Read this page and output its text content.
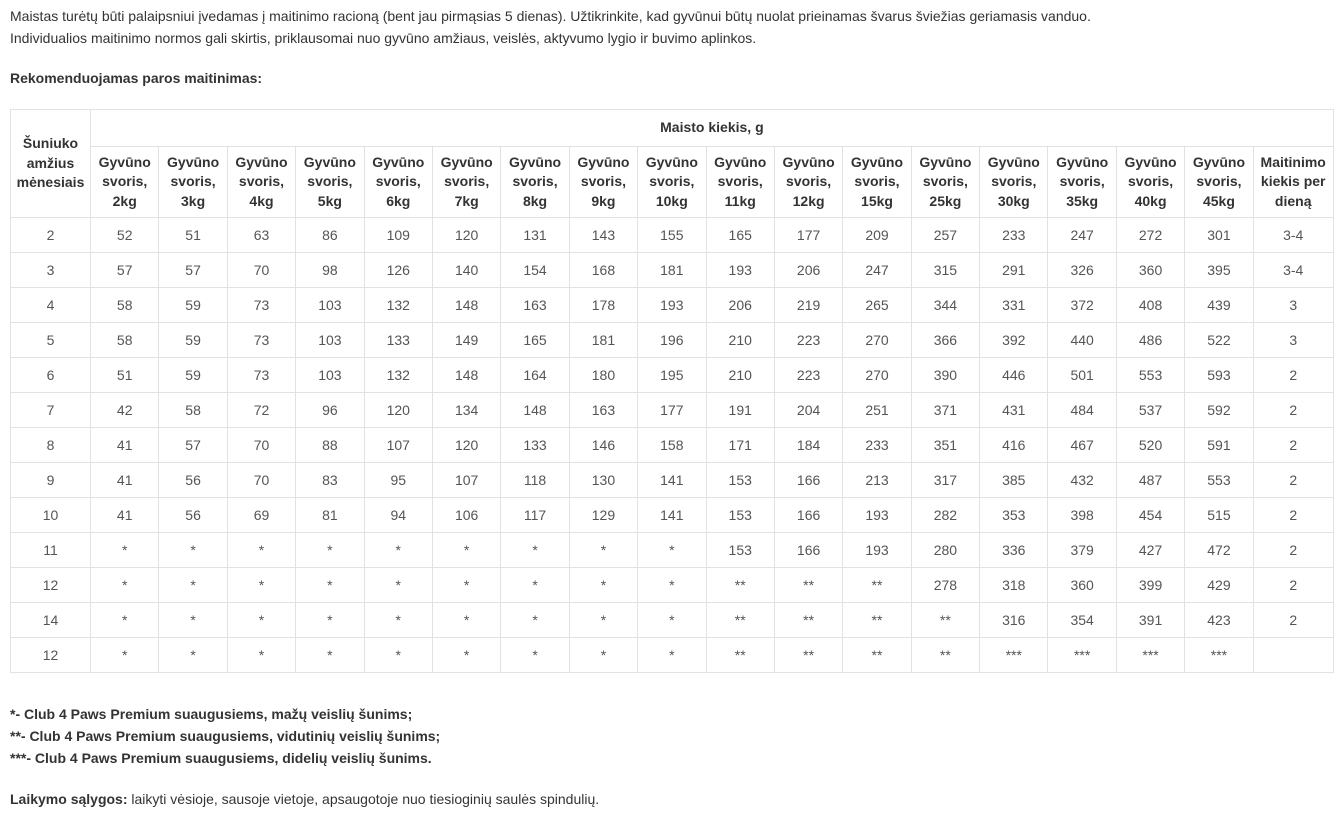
Maistas turėtų būti palaipsniui įvedamas į maitinimo racioną (bent jau pirmąsias 5 dienas). Užtikrinkite, kad gyvūnui būtų nuolat prieinamas švarus šviežias geriamasis vanduo.

Individualios maitinimo normos gali skirtis, priklausomai nuo gyvūno amžiaus, veislės, aktyvumo lygio ir buvimo aplinkos.

Rekomenduojamas paros maitinimas:

Šuniuko amžius mėnesiais	Maisto kiekis, g																	
	Gyvūno svoris, 2kg	Gyvūno svoris, 3kg	Gyvūno svoris, 4kg	Gyvūno svoris, 5kg	Gyvūno svoris, 6kg	Gyvūno svoris, 7kg	Gyvūno svoris, 8kg	Gyvūno svoris, 9kg	Gyvūno svoris, 10kg	Gyvūno svoris, 11kg	Gyvūno svoris, 12kg	Gyvūno svoris, 15kg	Gyvūno svoris, 25kg	Gyvūno svoris, 30kg	Gyvūno svoris, 35kg	Gyvūno svoris, 40kg	Gyvūno svoris, 45kg	Maitinimo kiekis per dieną
2	52	51	63	86	109	120	131	143	155	165	177	209	257	233	247	272	301	3-4
3	57	57	70	98	126	140	154	168	181	193	206	247	315	291	326	360	395	3-4
4	58	59	73	103	132	148	163	178	193	206	219	265	344	331	372	408	439	3
5	58	59	73	103	133	149	165	181	196	210	223	270	366	392	440	486	522	3
6	51	59	73	103	132	148	164	180	195	210	223	270	390	446	501	553	593	2
7	42	58	72	96	120	134	148	163	177	191	204	251	371	431	484	537	592	2
8	41	57	70	88	107	120	133	146	158	171	184	233	351	416	467	520	591	2
9	41	56	70	83	95	107	118	130	141	153	166	213	317	385	432	487	553	2
10	41	56	69	81	94	106	117	129	141	153	166	193	282	353	398	454	515	2
11	*	*	*	*	*	*	*	*	*	153	166	193	280	336	379	427	472	2
12	*	*	*	*	*	*	*	*	*	**	**	**	278	318	360	399	429	2
14	*	*	*	*	*	*	*	*	*	**	**	**	**	316	354	391	423	2
12	*	*	*	*	*	*	*	*	*	**	**	**	**	***	***	***	***	
*- Club 4 Paws Premium suaugusiems, mažų veislių šunims;
**- Club 4 Paws Premium suaugusiems, vidutinių veislių šunims;
***- Club 4 Paws Premium suaugusiems, didelių veislių šunims.
Laikymo sąlygos: laikyti vėsioje, sausoje vietoje, apsaugotoje nuo tiesioginių saulės spindulių.
